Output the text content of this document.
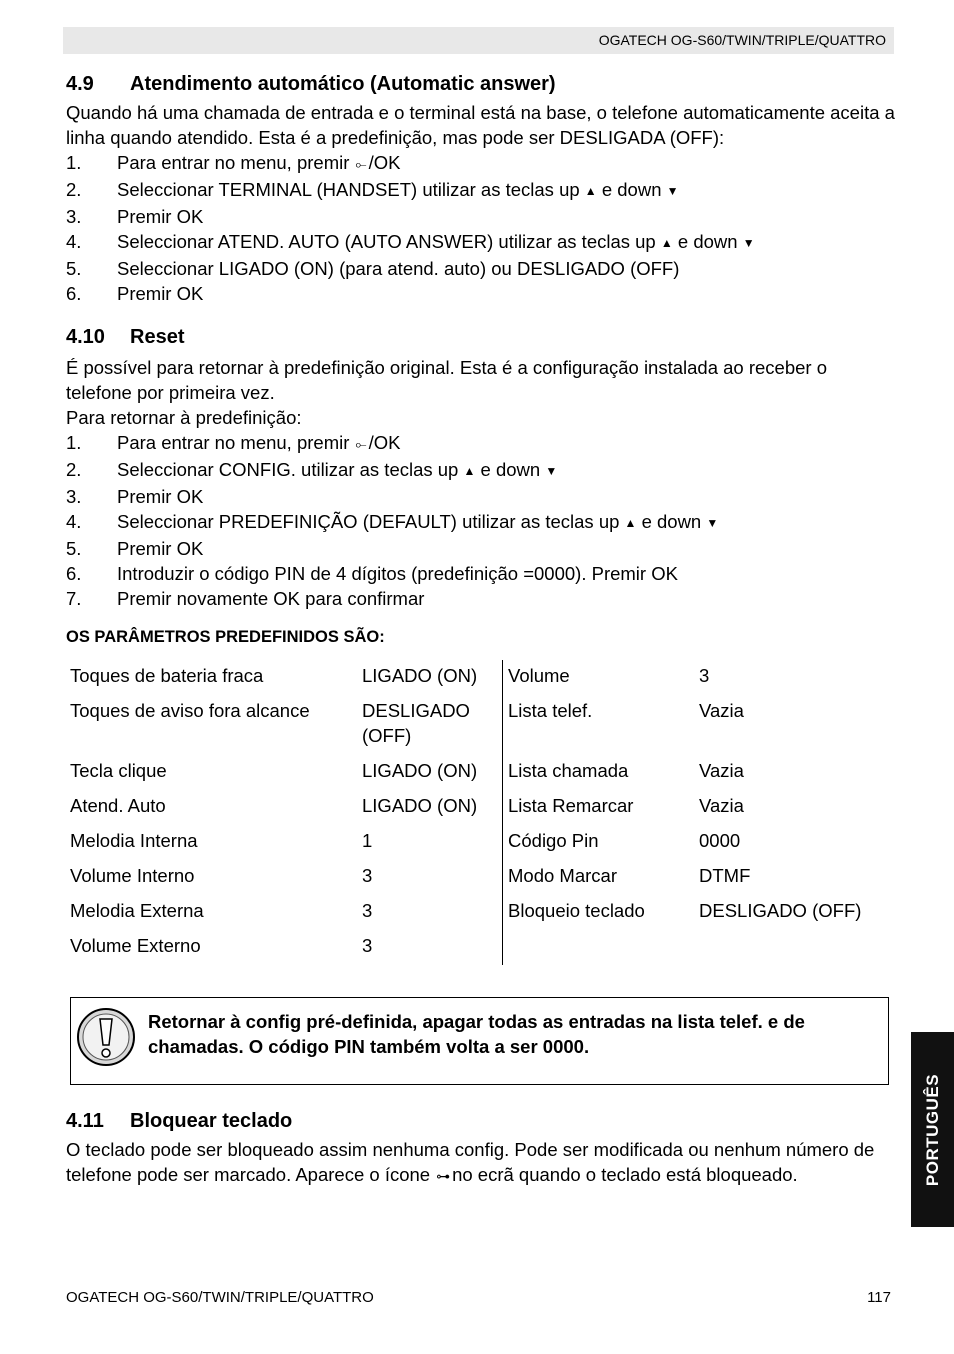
OGATECH OG-S60/TWIN/TRIPLE/QUATTRO
4.9 Atendimento automático (Automatic answer)

Quando há uma chamada de entrada e o terminal está na base, o telefone automaticamente aceita a linha quando atendido. Esta é a predefinição, mas pode ser DESLIGADA (OFF):

1. Para entrar no menu, premir ⟜ /OK
2. Seleccionar TERMINAL (HANDSET) utilizar as teclas up ▲ e down ▼
3. Premir OK
4. Seleccionar ATEND. AUTO (AUTO ANSWER) utilizar as teclas up ▲ e down ▼
5. Seleccionar LIGADO (ON) (para atend. auto) ou DESLIGADO (OFF)
6. Premir OK
4.10 Reset

É possível para retornar à predefinição original. Esta é a configuração instalada ao receber o telefone por primeira vez.

Para retornar à predefinição:

1. Para entrar no menu, premir ⟜ /OK
2. Seleccionar CONFIG. utilizar as teclas up ▲ e down ▼
3. Premir OK
4. Seleccionar PREDEFINIÇÃO (DEFAULT) utilizar as teclas up ▲ e down ▼
5. Premir OK
6. Introduzir o código PIN de 4 dígitos (predefinição =0000). Premir OK
7. Premir novamente OK para confirmar
OS PARÂMETROS PREDEFINIDOS SÃO:
Toques de bateria fraca	LIGADO (ON)	Volume	3
Toques de aviso fora alcance	DESLIGADO (OFF)	Lista telef.	Vazia
Tecla clique	LIGADO (ON)	Lista chamada	Vazia
Atend. Auto	LIGADO (ON)	Lista Remarcar	Vazia
Melodia Interna	1	Código Pin	0000
Volume Interno	3	Modo Marcar	DTMF
Melodia Externa	3	Bloqueio teclado	DESLIGADO (OFF)
Volume Externo	3		
Retornar à config pré-definida, apagar todas as entradas na lista telef. e de chamadas. O código PIN também volta a ser 0000.
4.11 Bloquear teclado

O teclado pode ser bloqueado assim nenhuma config. Pode ser modificada ou nenhum número de telefone pode ser marcado. Aparece o ícone ⊶ no ecrã quando o teclado está bloqueado.	PORTUGUÊS
OGATECH OG-S60/TWIN/TRIPLE/QUATTRO	117
